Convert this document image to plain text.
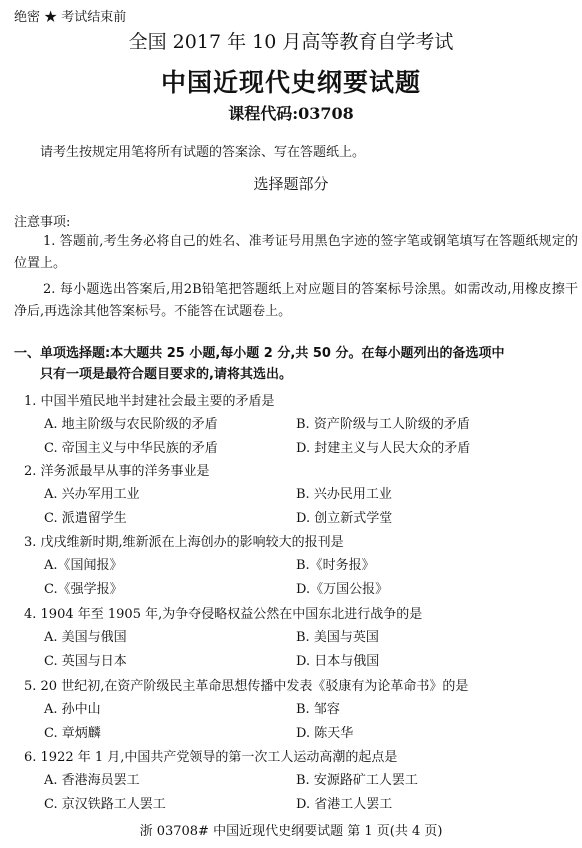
绝密 ★ 考试结束前
全国 2017 年 10 月高等教育自学考试
中国近现代史纲要试题
课程代码:03708
请考生按规定用笔将所有试题的答案涂、写在答题纸上。
选择题部分
注意事项:

1. 答题前,考生务必将自己的姓名、准考证号用黑色字迹的签字笔或钢笔填写在答题纸规定的位置上。

2. 每小题选出答案后,用2B铅笔把答题纸上对应题目的答案标号涂黑。如需改动,用橡皮擦干净后,再选涂其他答案标号。不能答在试题卷上。

一、单项选择题:本大题共 25 小题,每小题 2 分,共 50 分。在每小题列出的备选项中
只有一项是最符合题目要求的,请将其选出。
1. 中国半殖民地半封建社会最主要的矛盾是
A. 地主阶级与农民阶级的矛盾	B. 资产阶级与工人阶级的矛盾
C. 帝国主义与中华民族的矛盾	D. 封建主义与人民大众的矛盾
2. 洋务派最早从事的洋务事业是
A. 兴办军用工业	B. 兴办民用工业
C. 派遣留学生	D. 创立新式学堂
3. 戊戌维新时期,维新派在上海创办的影响较大的报刊是
A.《国闻报》	B.《时务报》
C.《强学报》	D.《万国公报》
4. 1904 年至 1905 年,为争夺侵略权益公然在中国东北进行战争的是
A. 美国与俄国	B. 美国与英国
C. 英国与日本	D. 日本与俄国
5. 20 世纪初,在资产阶级民主革命思想传播中发表《驳康有为论革命书》的是
A. 孙中山	B. 邹容
C. 章炳麟	D. 陈天华
6. 1922 年 1 月,中国共产党领导的第一次工人运动高潮的起点是
A. 香港海员罢工	B. 安源路矿工人罢工
C. 京汉铁路工人罢工	D. 省港工人罢工
浙 03708# 中国近现代史纲要试题 第 1 页(共 4 页)
